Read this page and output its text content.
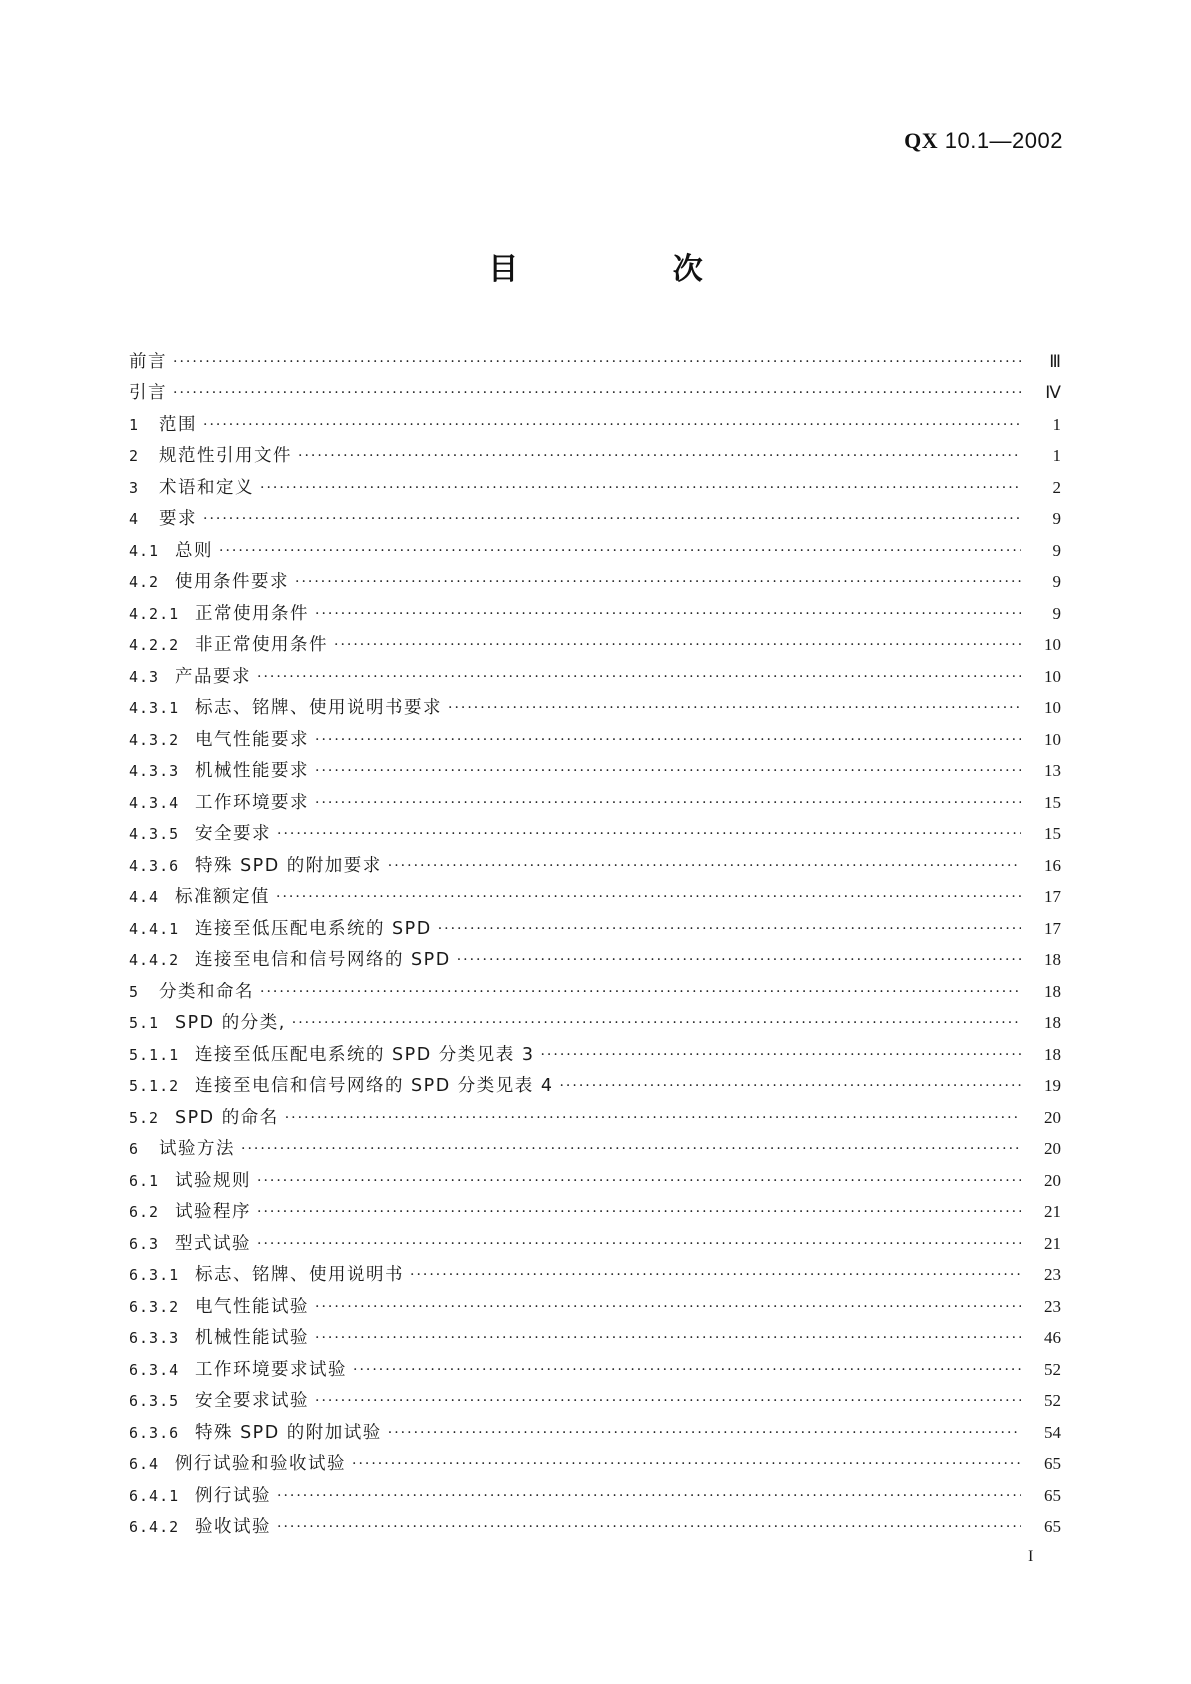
QX 10.1—2002
目 次
前言 ·····	Ⅲ
引言 ·····	Ⅳ
1	范围 ·····	1
2	规范性引用文件 ·····	1
3	术语和定义 ·····	2
4	要求 ·····	9
4.1 总则 ·····	9
4.2 使用条件要求 ·····	9
4.2.1 正常使用条件 ·····	9
4.2.2 非正常使用条件 ·····	10
4.3 产品要求 ·····	10
4.3.1 标志、铭牌、使用说明书要求 ·····	10
4.3.2 电气性能要求 ·····	10
4.3.3 机械性能要求 ·····	13
4.3.4 工作环境要求 ·····	15
4.3.5 安全要求 ·····	15
4.3.6 特殊 SPD 的附加要求 ·····	16
4.4 标准额定值 ·····	17
4.4.1 连接至低压配电系统的 SPD ·····	17
4.4.2 连接至电信和信号网络的 SPD ·····	18
5	分类和命名 ·····	18
5.1 SPD 的分类, ·····	18
5.1.1 连接至低压配电系统的 SPD 分类见表 3 ·····	18
5.1.2 连接至电信和信号网络的 SPD 分类见表 4 ·····	19
5.2 SPD 的命名 ·····	20
6	试验方法 ·····	20
6.1 试验规则 ·····	20
6.2 试验程序 ·····	21
6.3 型式试验 ·····	21
6.3.1 标志、铭牌、使用说明书 ·····	23
6.3.2 电气性能试验 ·····	23
6.3.3 机械性能试验 ·····	46
6.3.4 工作环境要求试验 ·····	52
6.3.5 安全要求试验 ·····	52
6.3.6 特殊 SPD 的附加试验 ·····	54
6.4 例行试验和验收试验 ·····	65
6.4.1 例行试验 ·····	65
6.4.2 验收试验 ·····	65
I
